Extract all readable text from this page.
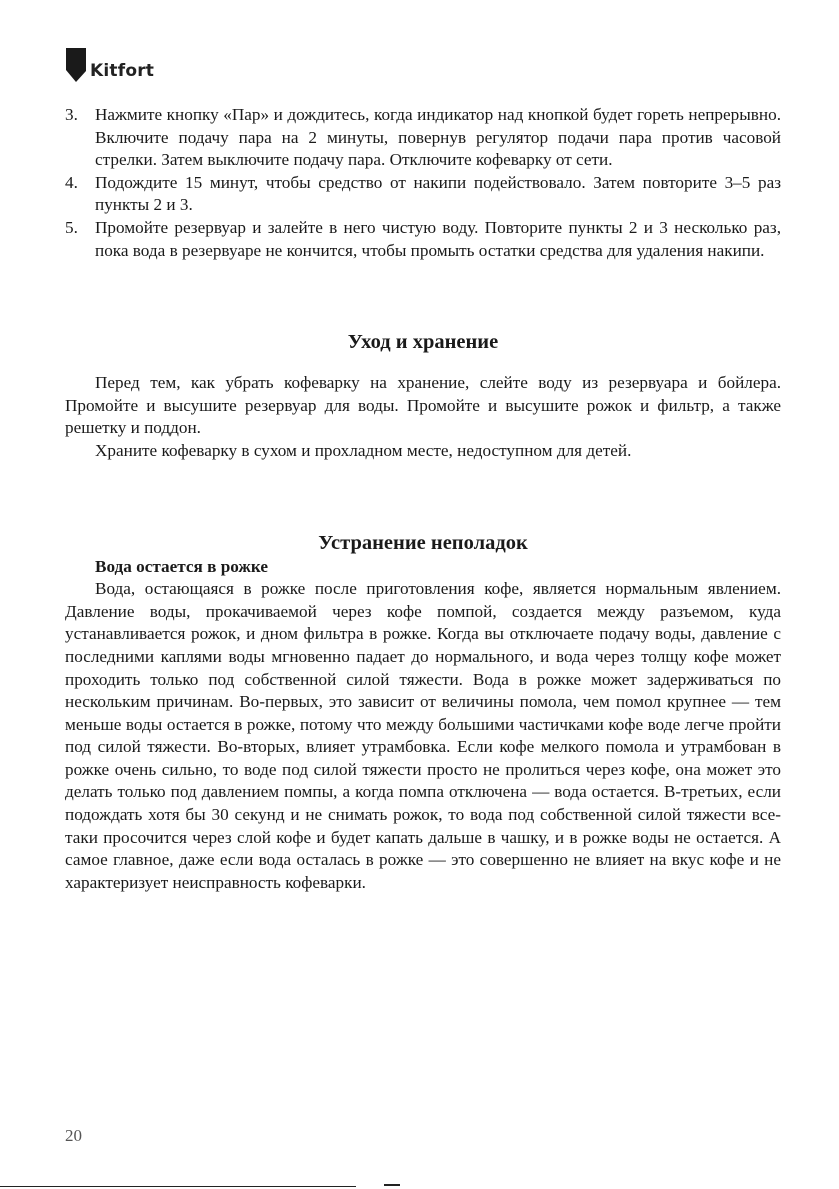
Kitfort
3. Нажмите кнопку «Пар» и дождитесь, когда индикатор над кнопкой будет гореть непрерывно. Включите подачу пара на 2 минуты, повернув регулятор подачи пара против часовой стрелки. Затем выключите подачу пара. Отключите кофеварку от сети.
4. Подождите 15 минут, чтобы средство от накипи подействовало. Затем повторите 3–5 раз пункты 2 и 3.
5. Промойте резервуар и залейте в него чистую воду. Повторите пункты 2 и 3 несколько раз, пока вода в резервуаре не кончится, чтобы промыть остатки средства для удаления накипи.
Уход и хранение

Перед тем, как убрать кофеварку на хранение, слейте воду из резервуара и бойлера. Промойте и высушите резервуар для воды. Промойте и высушите рожок и фильтр, а также решетку и поддон.

Храните кофеварку в сухом и прохладном месте, недоступном для детей.

Устранение неполадок

Вода остается в рожке

Вода, остающаяся в рожке после приготовления кофе, является нормальным явлением. Давление воды, прокачиваемой через кофе помпой, создается между разъемом, куда устанавливается рожок, и дном фильтра в рожке. Когда вы отключаете подачу воды, давление с последними каплями воды мгновенно падает до нормального, и вода через толщу кофе может проходить только под собственной силой тяжести. Вода в рожке может задерживаться по нескольким причинам. Во-первых, это зависит от величины помола, чем помол крупнее — тем меньше воды остается в рожке, потому что между большими частичками кофе воде легче пройти под силой тяжести. Во-вторых, влияет утрамбовка. Если кофе мелкого помола и утрамбован в рожке очень сильно, то воде под силой тяжести просто не пролиться через кофе, она может это делать только под давлением помпы, а когда помпа отключена — вода остается. В-третьих, если подождать хотя бы 30 секунд и не снимать рожок, то вода под собственной силой тяжести все-таки просочится через слой кофе и будет капать дальше в чашку, и в рожке воды не остается. А самое главное, даже если вода осталась в рожке — это совершенно не влияет на вкус кофе и не характеризует неисправность кофеварки.

20
